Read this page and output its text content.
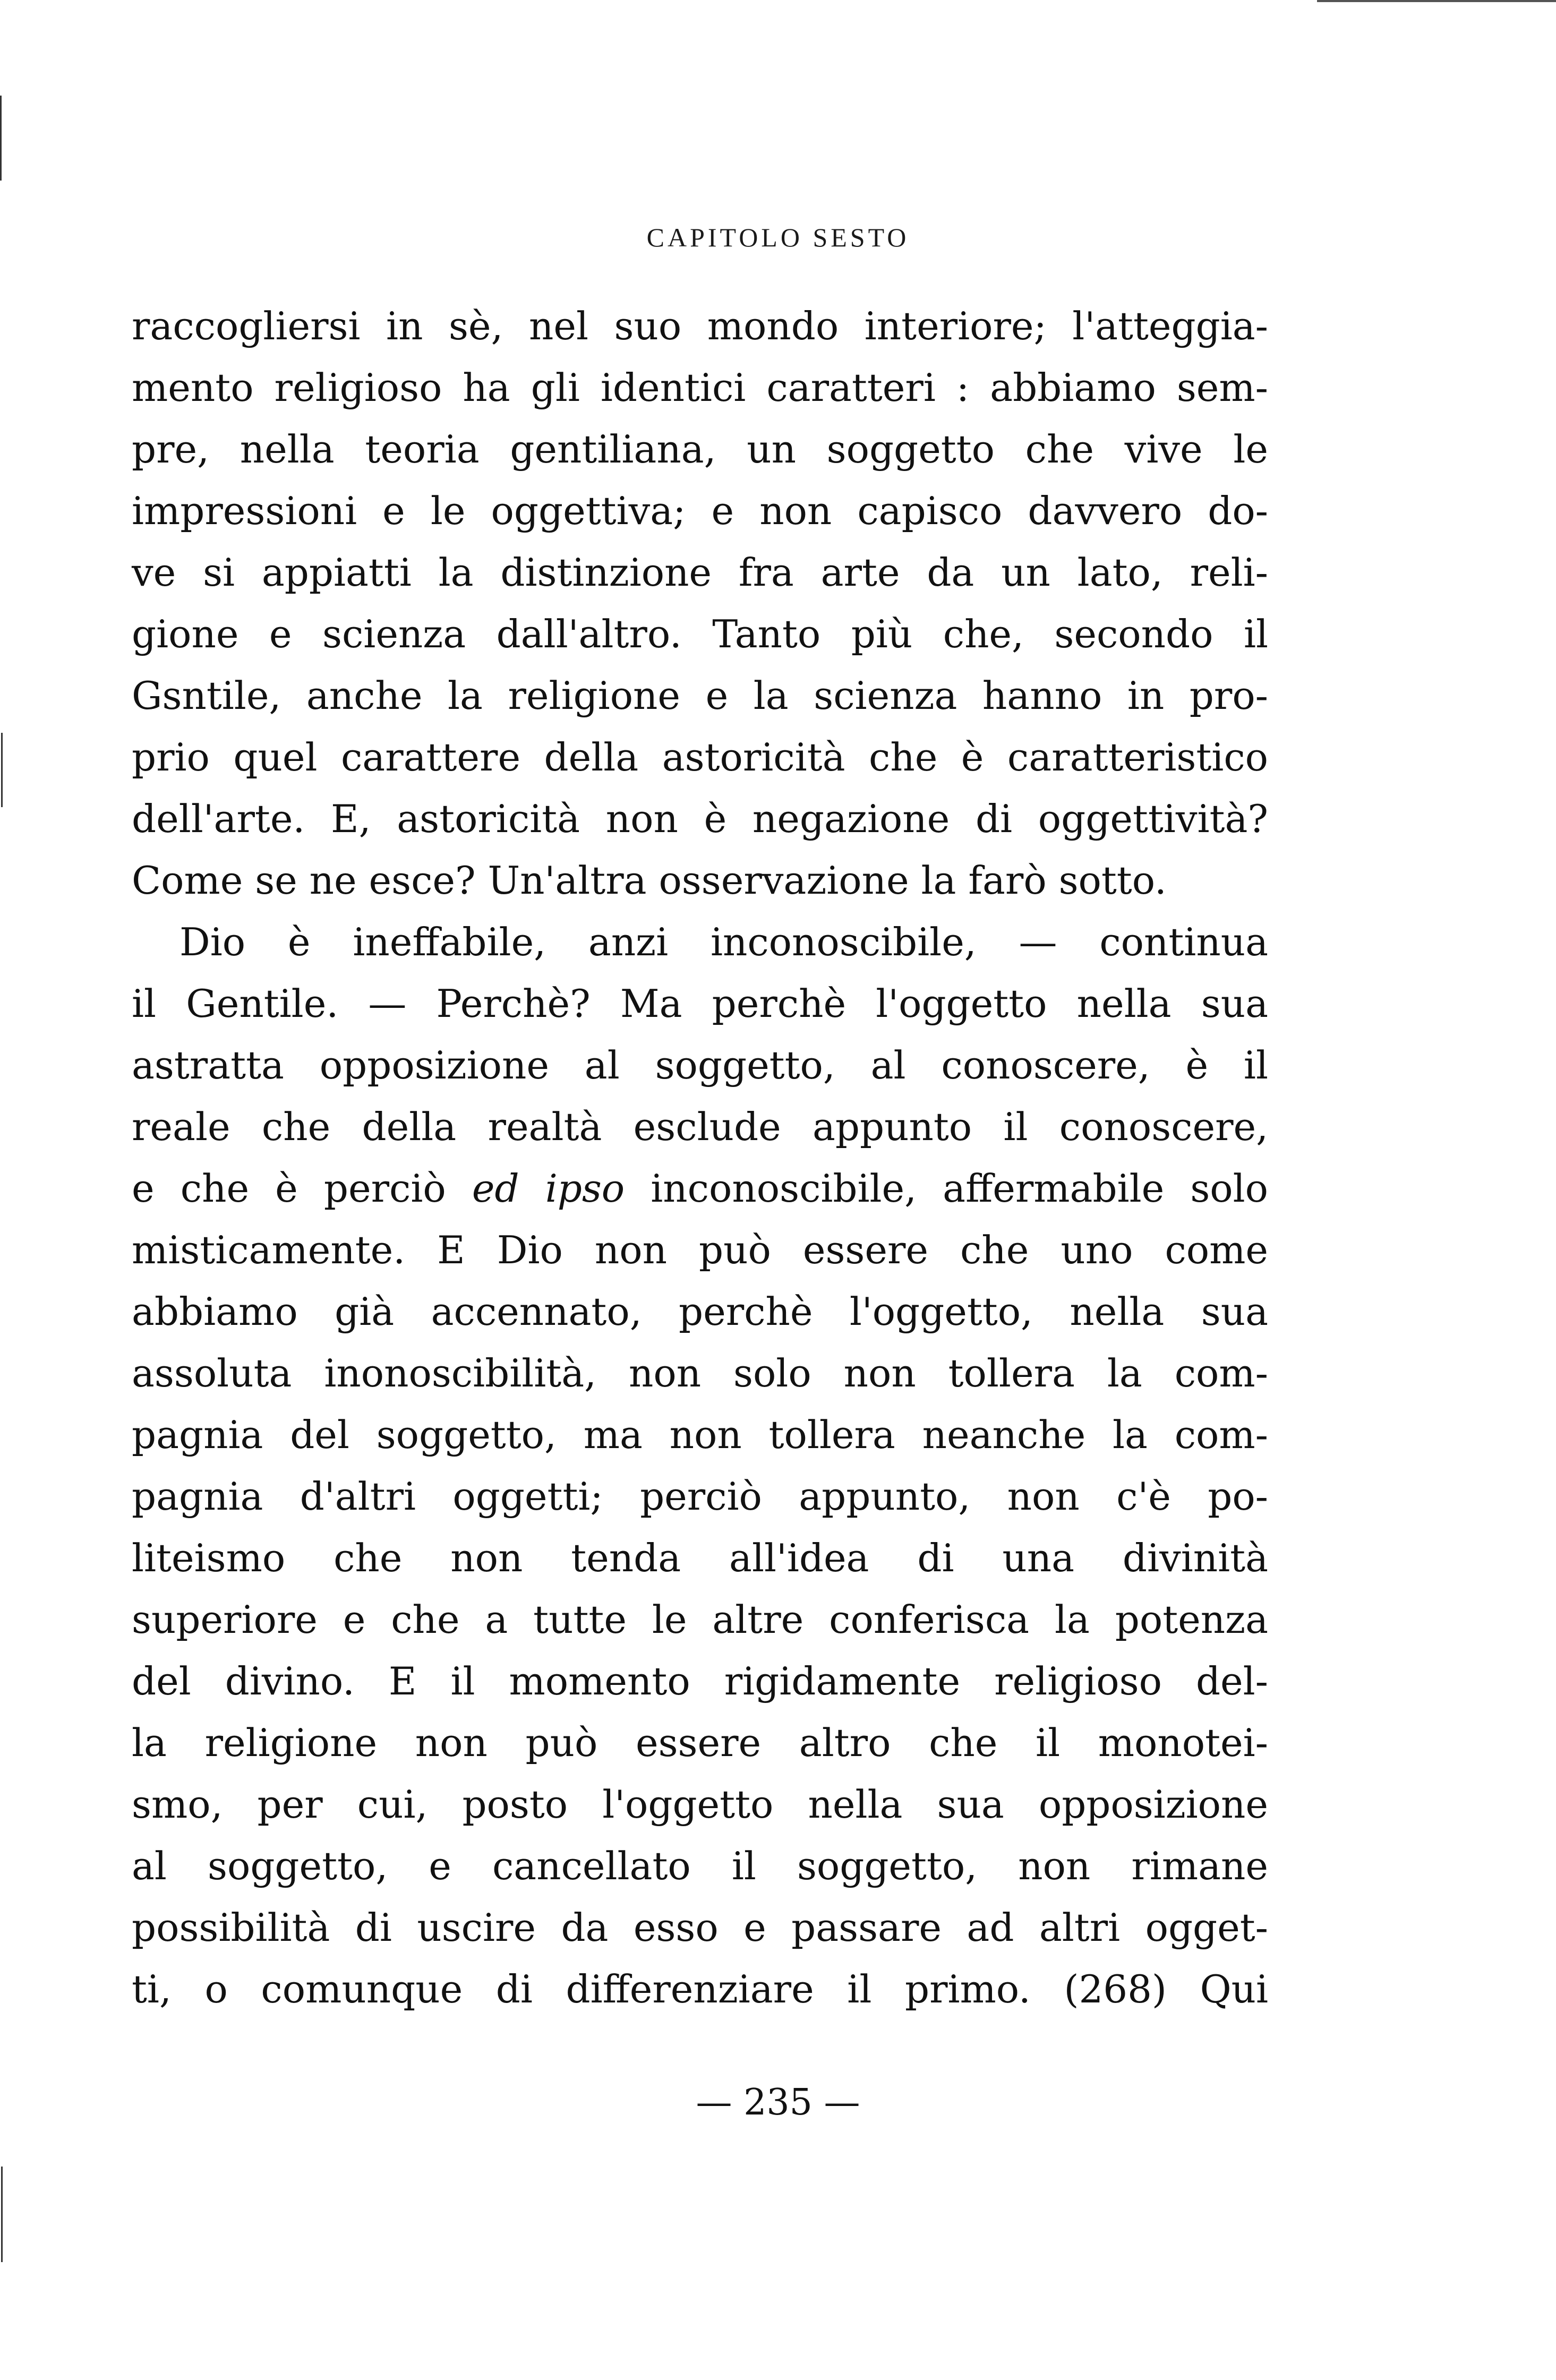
CAPITOLO SESTO
raccogliersi in sè, nel suo mondo interiore; l'atteggia-
mento religioso ha gli identici caratteri : abbiamo sem-
pre, nella teoria gentiliana, un soggetto che vive le
impressioni e le oggettiva; e non capisco davvero do-
ve si appiatti la distinzione fra arte da un lato, reli-
gione e scienza dall'altro. Tanto più che, secondo il
Gsntile, anche la religione e la scienza hanno in pro-
prio quel carattere della astoricità che è caratteristico
dell'arte. E, astoricità non è negazione di oggettività?
Come se ne esce? Un'altra osservazione la farò sotto.
Dio è ineffabile, anzi inconoscibile, — continua
il Gentile. — Perchè? Ma perchè l'oggetto nella sua
astratta opposizione al soggetto, al conoscere, è il
reale che della realtà esclude appunto il conoscere,
e che è perciò ed ipso inconoscibile, affermabile solo
misticamente. E Dio non può essere che uno come
abbiamo già accennato, perchè l'oggetto, nella sua
assoluta inonoscibilità, non solo non tollera la com-
pagnia del soggetto, ma non tollera neanche la com-
pagnia d'altri oggetti; perciò appunto, non c'è po-
liteismo che non tenda all'idea di una divinità
superiore e che a tutte le altre conferisca la potenza
del divino. E il momento rigidamente religioso del-
la religione non può essere altro che il monotei-
smo, per cui, posto l'oggetto nella sua opposizione
al soggetto, e cancellato il soggetto, non rimane
possibilità di uscire da esso e passare ad altri ogget-
ti, o comunque di differenziare il primo. (268) Qui
— 235 —
